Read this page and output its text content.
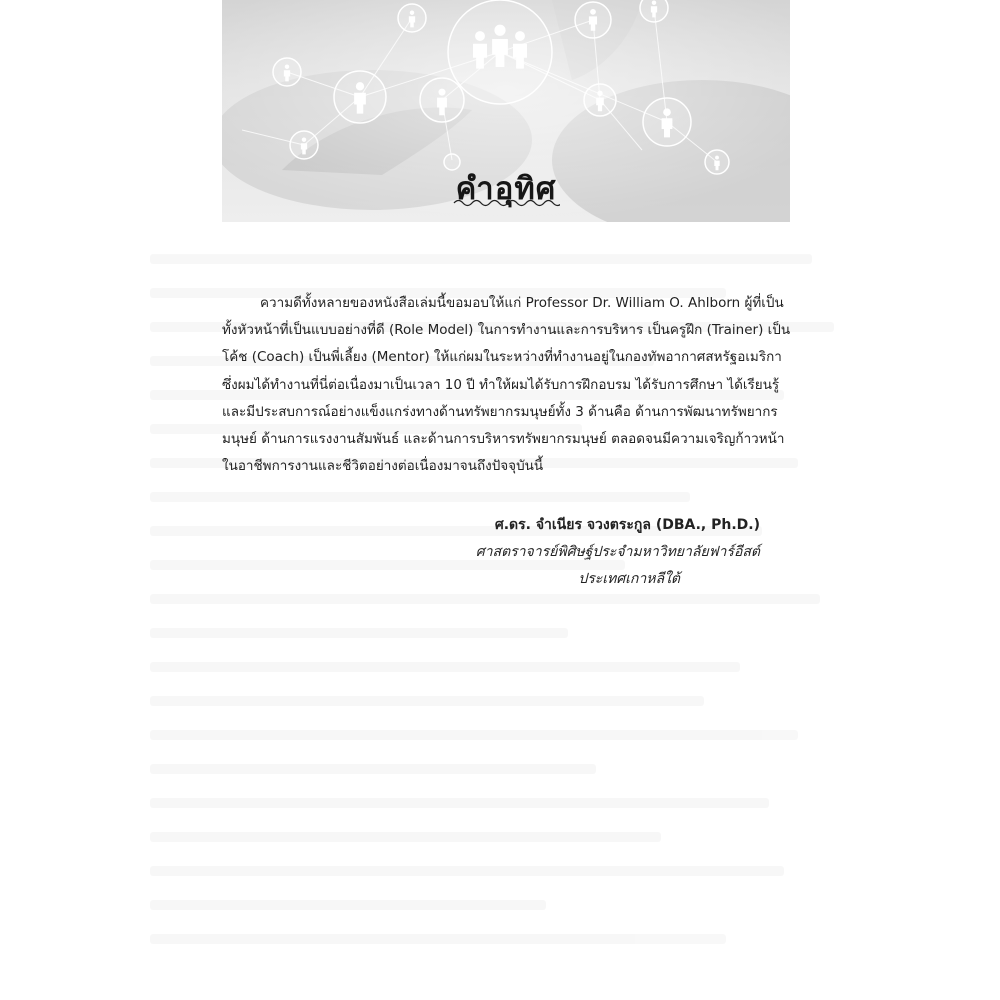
คำอุทิศ

ความดีทั้งหลายของหนังสือเล่มนี้ขอมอบให้แก่ Professor Dr. William O. Ahlborn ผู้ที่เป็น
ทั้งหัวหน้าที่เป็นแบบอย่างที่ดี (Role Model) ในการทำงานและการบริหาร เป็นครูฝึก (Trainer) เป็น
โค้ช (Coach) เป็นพี่เลี้ยง (Mentor) ให้แก่ผมในระหว่างที่ทำงานอยู่ในกองทัพอากาศสหรัฐอเมริกา
ซึ่งผมได้ทำงานที่นี่ต่อเนื่องมาเป็นเวลา 10 ปี ทำให้ผมได้รับการฝึกอบรม ได้รับการศึกษา ได้เรียนรู้
และมีประสบการณ์อย่างแข็งแกร่งทางด้านทรัพยากรมนุษย์ทั้ง 3 ด้านคือ ด้านการพัฒนาทรัพยากร
มนุษย์ ด้านการแรงงานสัมพันธ์ และด้านการบริหารทรัพยากรมนุษย์ ตลอดจนมีความเจริญก้าวหน้า
ในอาชีพการงานและชีวิตอย่างต่อเนื่องมาจนถึงปัจจุบันนี้

ศ.ดร. จำเนียร จวงตระกูล (DBA., Ph.D.)
ศาสตราจารย์พิศิษฐ์ประจำมหาวิทยาลัยฟาร์อีสต์
ประเทศเกาหลีใต้
